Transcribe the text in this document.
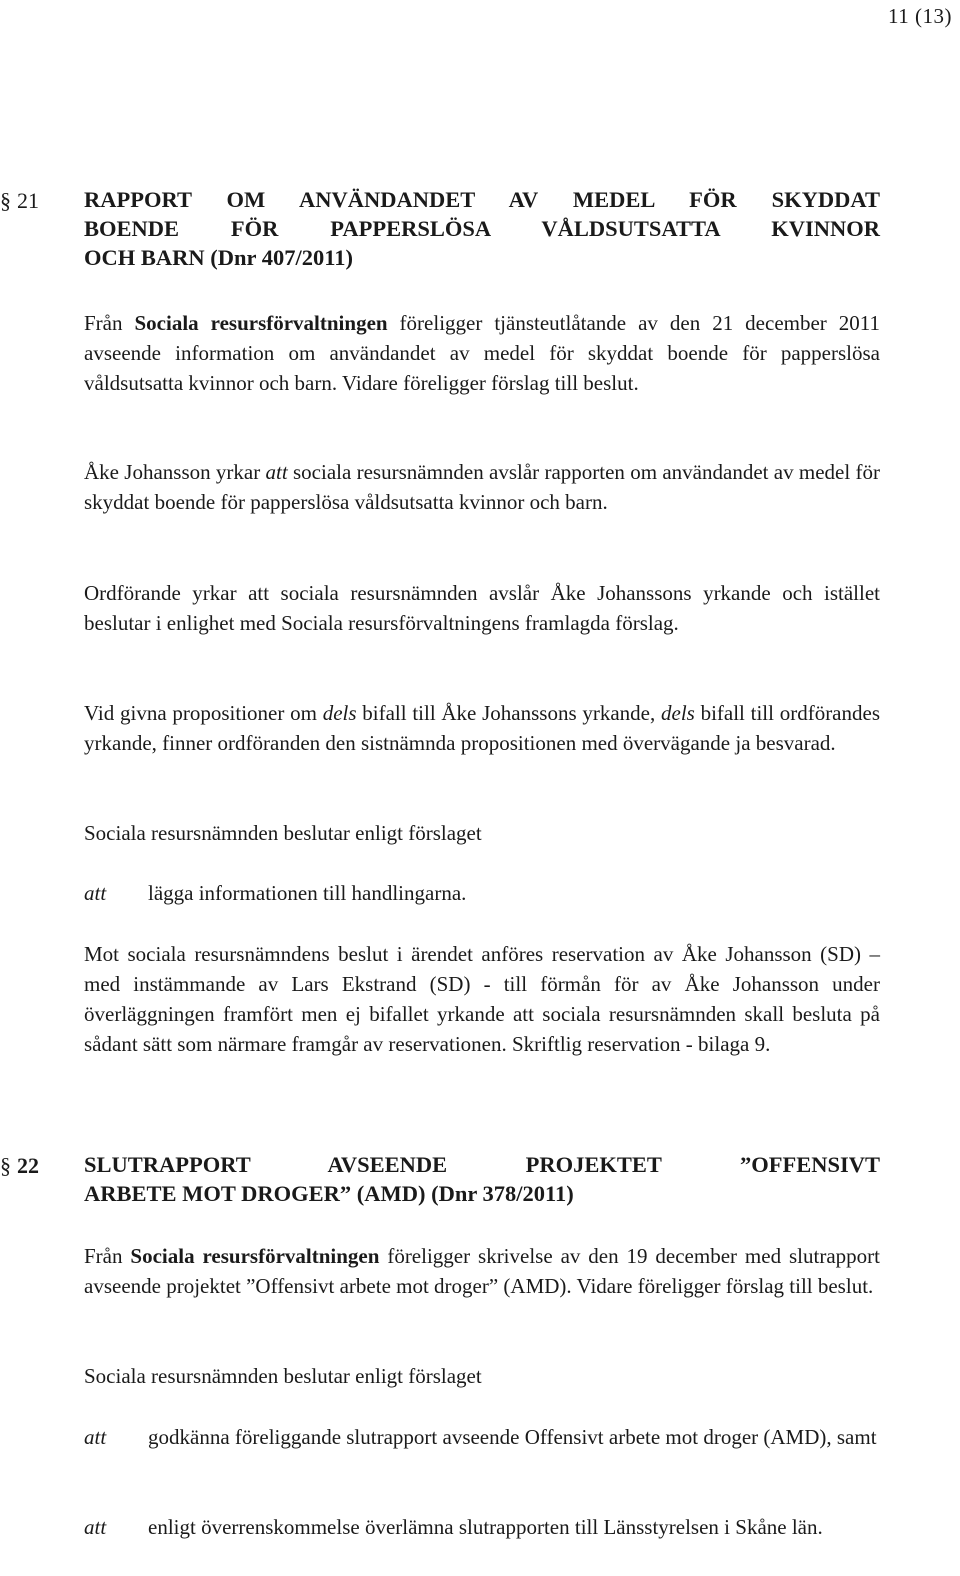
11 (13)
§ 21	RAPPORT OM ANVÄNDANDET AV MEDEL FÖR SKYDDAT
BOENDE FÖR PAPPERSLÖSA VÅLDSUTSATTA KVINNOR
OCH BARN (Dnr 407/2011)
Från Sociala resursförvaltningen föreligger tjänsteutlåtande av den 21 december 2011 avseende information om användandet av medel för skyddat boende för papperslösa våldsutsatta kvinnor och barn. Vidare föreligger förslag till beslut.
Åke Johansson yrkar att sociala resursnämnden avslår rapporten om användandet av medel för skyddat boende för papperslösa våldsutsatta kvinnor och barn.
Ordförande yrkar att sociala resursnämnden avslår Åke Johanssons yrkande och istället beslutar i enlighet med Sociala resursförvaltningens framlagda förslag.
Vid givna propositioner om dels bifall till Åke Johanssons yrkande, dels bifall till ordförandes yrkande, finner ordföranden den sistnämnda propositionen med övervägande ja besvarad.
Sociala resursnämnden beslutar enligt förslaget
att lägga informationen till handlingarna.
Mot sociala resursnämndens beslut i ärendet anföres reservation av Åke Johansson (SD) – med instämmande av Lars Ekstrand (SD) - till förmån för av Åke Johansson under överläggningen framfört men ej bifallet yrkande att sociala resursnämnden skall besluta på sådant sätt som närmare framgår av reservationen. Skriftlig reservation - bilaga 9.
§ 22	SLUTRAPPORT AVSEENDE PROJEKTET ”OFFENSIVT
ARBETE MOT DROGER” (AMD) (Dnr 378/2011)
Från Sociala resursförvaltningen föreligger skrivelse av den 19 december med slutrapport avseende projektet ”Offensivt arbete mot droger” (AMD). Vidare föreligger förslag till beslut.
Sociala resursnämnden beslutar enligt förslaget
att godkänna föreliggande slutrapport avseende Offensivt arbete mot droger (AMD), samt
att enligt överrenskommelse överlämna slutrapporten till Länsstyrelsen i Skåne län.
